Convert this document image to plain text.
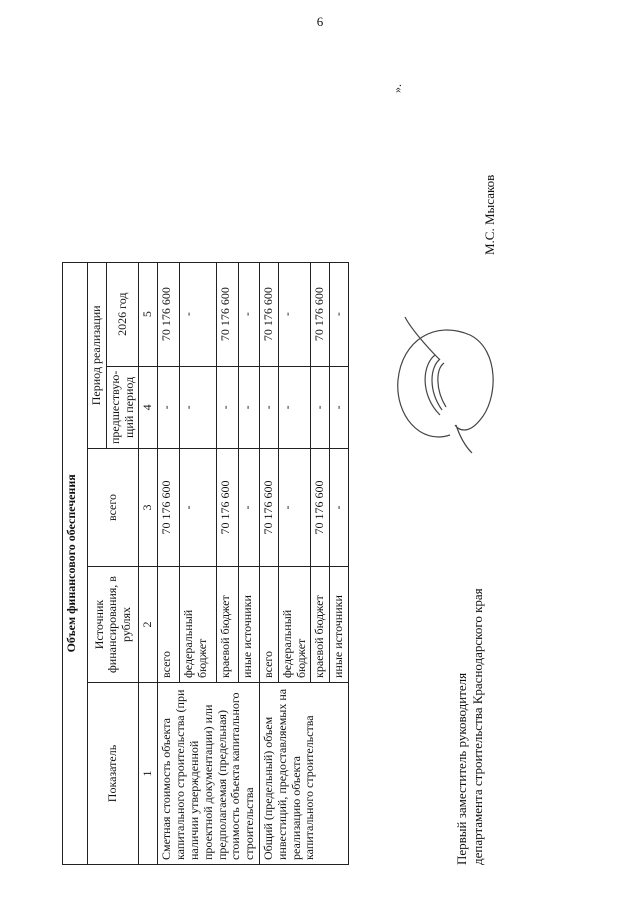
6
Объем финансового обеспечения				
Показатель	Источник финансирования, в рублях	всего	Период реализации	
			предшествую-щий период	2026 год
1	2	3	4	5
Сметная стоимость объекта капитального строительства (при наличии утвержденной проектной документации) или предполагаемая (предельная) стоимость объекта капитального строительства	всего	70 176 600	-	70 176 600
	федеральный бюджет	-	-	-
	краевой бюджет	70 176 600	-	70 176 600
	иные источники	-	-	-
Общий (предельный) объем инвестиций, предоставляемых на реализацию объекта капитального строительства	всего	70 176 600	-	70 176 600
	федеральный бюджет	-	-	-
	краевой бюджет	70 176 600	-	70 176 600
	иные источники	-	-	-
».
Первый заместитель руководителя департамента строительства Краснодарского края
М.С. Мысаков
